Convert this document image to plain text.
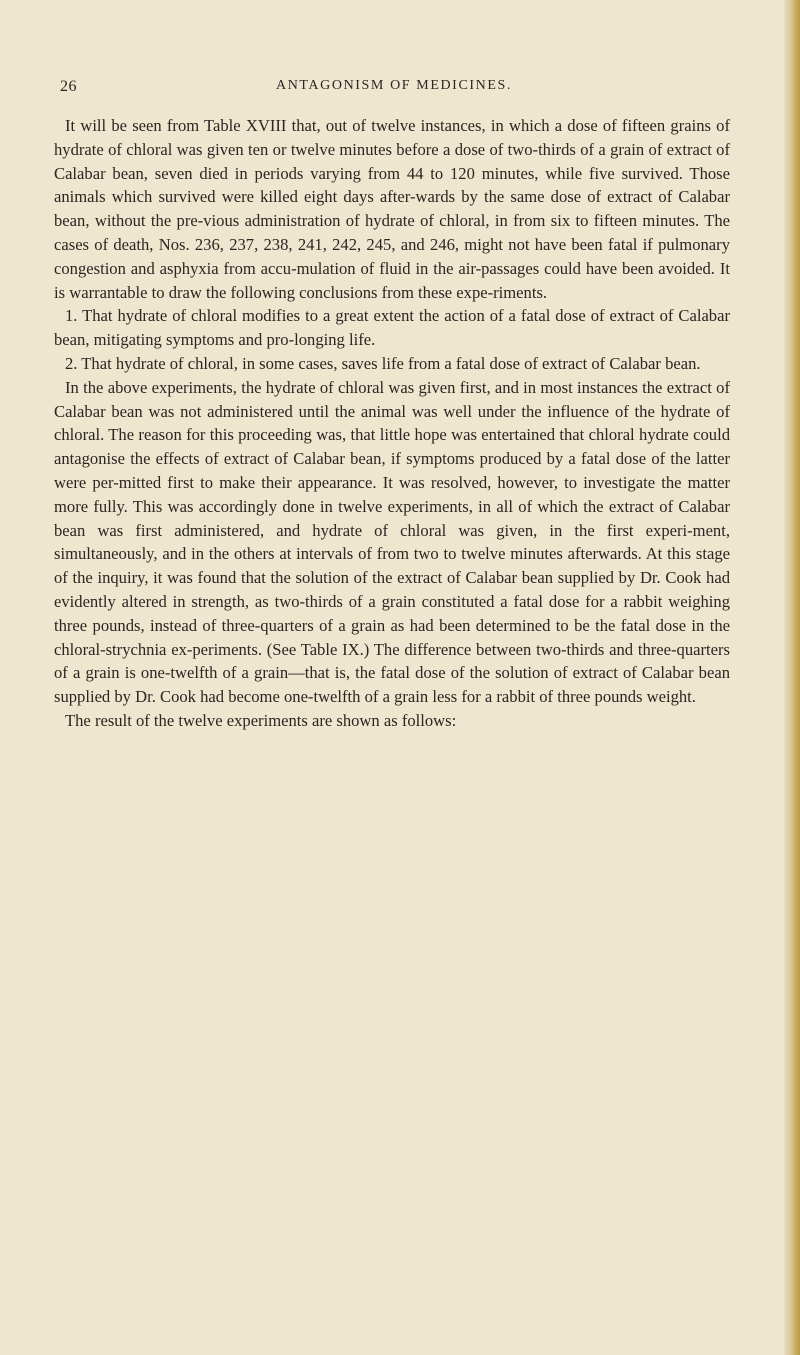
26	ANTAGONISM OF MEDICINES.

It will be seen from Table XVIII that, out of twelve instances, in which a dose of fifteen grains of hydrate of chloral was given ten or twelve minutes before a dose of two-thirds of a grain of extract of Calabar bean, seven died in periods varying from 44 to 120 minutes, while five survived. Those animals which survived were killed eight days after-wards by the same dose of extract of Calabar bean, without the pre-vious administration of hydrate of chloral, in from six to fifteen minutes. The cases of death, Nos. 236, 237, 238, 241, 242, 245, and 246, might not have been fatal if pulmonary congestion and asphyxia from accu-mulation of fluid in the air-passages could have been avoided. It is warrantable to draw the following conclusions from these expe-riments.

1. That hydrate of chloral modifies to a great extent the action of a fatal dose of extract of Calabar bean, mitigating symptoms and pro-longing life.

2. That hydrate of chloral, in some cases, saves life from a fatal dose of extract of Calabar bean.

In the above experiments, the hydrate of chloral was given first, and in most instances the extract of Calabar bean was not administered until the animal was well under the influence of the hydrate of chloral. The reason for this proceeding was, that little hope was entertained that chloral hydrate could antagonise the effects of extract of Calabar bean, if symptoms produced by a fatal dose of the latter were per-mitted first to make their appearance. It was resolved, however, to investigate the matter more fully. This was accordingly done in twelve experiments, in all of which the extract of Calabar bean was first administered, and hydrate of chloral was given, in the first experi-ment, simultaneously, and in the others at intervals of from two to twelve minutes afterwards. At this stage of the inquiry, it was found that the solution of the extract of Calabar bean supplied by Dr. Cook had evidently altered in strength, as two-thirds of a grain constituted a fatal dose for a rabbit weighing three pounds, instead of three-quarters of a grain as had been determined to be the fatal dose in the chloral-strychnia ex-periments. (See Table IX.) The difference between two-thirds and three-quarters of a grain is one-twelfth of a grain—that is, the fatal dose of the solution of extract of Calabar bean supplied by Dr. Cook had become one-twelfth of a grain less for a rabbit of three pounds weight.

The result of the twelve experiments are shown as follows:
